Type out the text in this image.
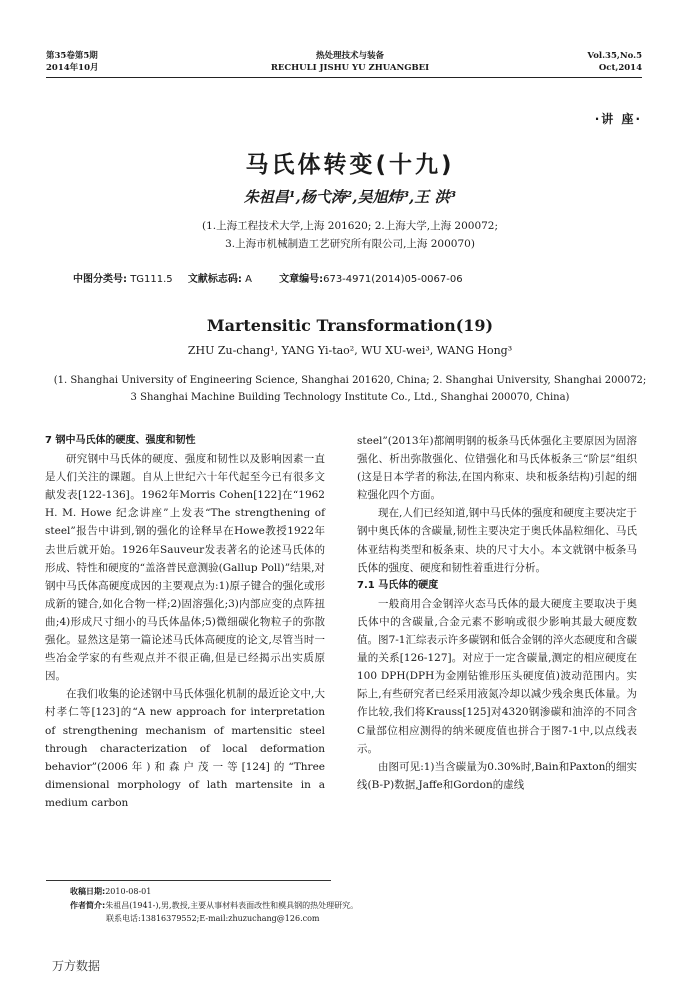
第35卷第5期
2014年10月
热处理技术与装备
RECHULI JISHU YU ZHUANGBEI
Vol.35,No.5
Oct,2014
·讲 座·
马氏体转变(十九)
朱祖昌¹,杨弋涛²,吴旭炜³,王 洪³
(1.上海工程技术大学,上海 201620; 2.上海大学,上海 200072;
3.上海市机械制造工艺研究所有限公司,上海 200070)
中图分类号: TG111.5 文献标志码: A	文章编号:673-4971(2014)05-0067-06
Martensitic Transformation(19)
ZHU Zu-chang¹, YANG Yi-tao², WU XU-wei³, WANG Hong³
(1. Shanghai University of Engineering Science, Shanghai 201620, China; 2. Shanghai University, Shanghai 200072;
3 Shanghai Machine Building Technology Institute Co., Ltd., Shanghai 200070, China)

7 钢中马氏体的硬度、强度和韧性

研究钢中马氏体的硬度、强度和韧性以及影响因素一直是人们关注的课题。自从上世纪六十年代起至今已有很多文献发表[122-136]。1962年Morris Cohen[122]在“1962 H. M. Howe 纪念讲座”上发表“The strengthening of steel”报告中讲到,钢的强化的诠释早在Howe教授1922年去世后就开始。1926年Sauveur发表著名的论述马氏体的形成、特性和硬度的“盖洛普民意测验(Gallup Poll)”结果,对钢中马氏体高硬度成因的主要观点为:1)原子键合的强化或形成新的键合,如化合物一样;2)固溶强化;3)内部应变的点阵扭曲;4)形成尺寸细小的马氏体晶体;5)微细碳化物粒子的弥散强化。显然这是第一篇论述马氏体高硬度的论文,尽管当时一些冶金学家的有些观点并不很正确,但是已经揭示出实质原因。

在我们收集的论述钢中马氏体强化机制的最近论文中,大村孝仁等[123]的“A new approach for interpretation of strengthening mechanism of martensitic steel through characterization of local deformation behavior”(2006年)和森户茂一等[124]的“Three dimensional morphology of lath martensite in a medium carbon

steel”(2013年)都阐明钢的板条马氏体强化主要原因为固溶强化、析出弥散强化、位错强化和马氏体板条三“阶层”组织(这是日本学者的称法,在国内称束、块和板条结构)引起的细粒强化四个方面。

现在,人们已经知道,钢中马氏体的强度和硬度主要决定于钢中奥氏体的含碳量,韧性主要决定于奥氏体晶粒细化、马氏体亚结构类型和板条束、块的尺寸大小。本文就钢中板条马氏体的强度、硬度和韧性着重进行分析。

7.1 马氏体的硬度

一般商用合金钢淬火态马氏体的最大硬度主要取决于奥氏体中的含碳量,合金元素不影响或很少影响其最大硬度数值。图7-1汇综表示许多碳钢和低合金钢的淬火态硬度和含碳量的关系[126-127]。对应于一定含碳量,测定的相应硬度在100 DPH(DPH为金刚钻锥形压头硬度值)波动范围内。实际上,有些研究者已经采用液氮冷却以减少残余奥氏体量。为作比较,我们将Krauss[125]对4320钢渗碳和油淬的不同含C量部位相应测得的纳米硬度值也拼合于图7-1中,以点线表示。

由图可见:1)当含碳量为0.30%时,Bain和Paxton的细实线(B-P)数据,Jaffe和Gordon的虚线

收稿日期:2010-08-01
作者简介:朱祖昌(1941-),男,教授,主要从事材料表面改性和模具钢的热处理研究。
联系电话:13816379552;E-mail:zhuzuchang@126.com
万方数据
